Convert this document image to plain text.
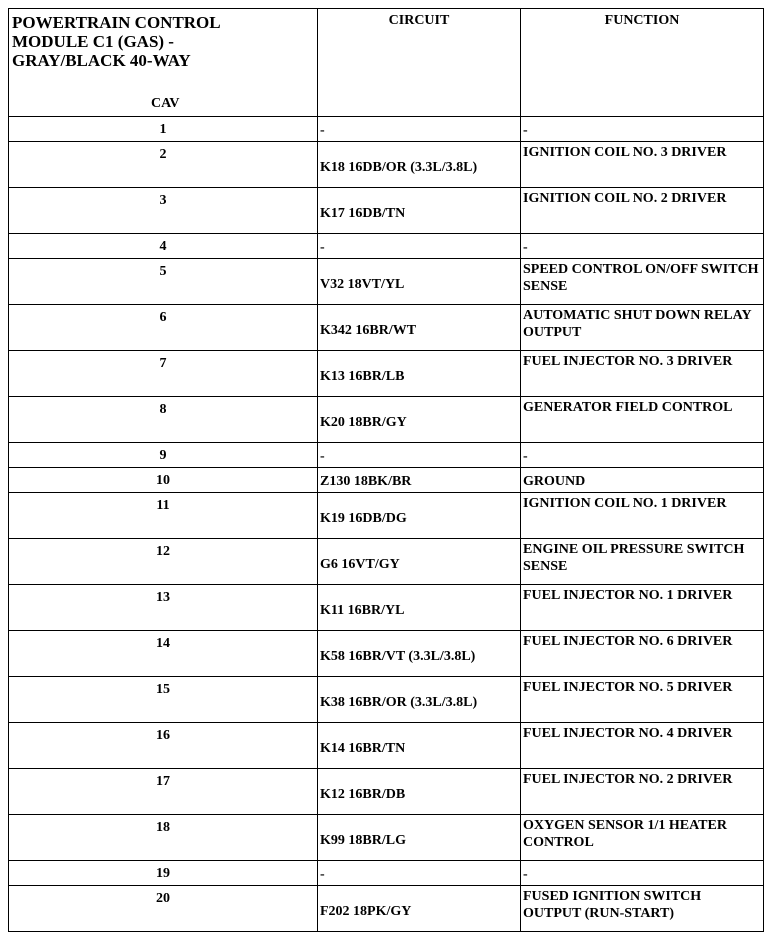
POWERTRAIN CONTROL
MODULE C1 (GAS) -
GRAY/BLACK 40-WAY
CAV	CIRCUIT	FUNCTION
1	-	-
2	K18 16DB/OR (3.3L/3.8L)	IGNITION COIL NO. 3 DRIVER
3	K17 16DB/TN	IGNITION COIL NO. 2 DRIVER
4	-	-
5	V32 18VT/YL	SPEED CONTROL ON/OFF SWITCH SENSE
6	K342 16BR/WT	AUTOMATIC SHUT DOWN RELAY OUTPUT
7	K13 16BR/LB	FUEL INJECTOR NO. 3 DRIVER
8	K20 18BR/GY	GENERATOR FIELD CONTROL
9	-	-
10	Z130 18BK/BR	GROUND
11	K19 16DB/DG	IGNITION COIL NO. 1 DRIVER
12	G6 16VT/GY	ENGINE OIL PRESSURE SWITCH SENSE
13	K11 16BR/YL	FUEL INJECTOR NO. 1 DRIVER
14	K58 16BR/VT (3.3L/3.8L)	FUEL INJECTOR NO. 6 DRIVER
15	K38 16BR/OR (3.3L/3.8L)	FUEL INJECTOR NO. 5 DRIVER
16	K14 16BR/TN	FUEL INJECTOR NO. 4 DRIVER
17	K12 16BR/DB	FUEL INJECTOR NO. 2 DRIVER
18	K99 18BR/LG	OXYGEN SENSOR 1/1 HEATER CONTROL
19	-	-
20	F202 18PK/GY	FUSED IGNITION SWITCH OUTPUT (RUN-START)
